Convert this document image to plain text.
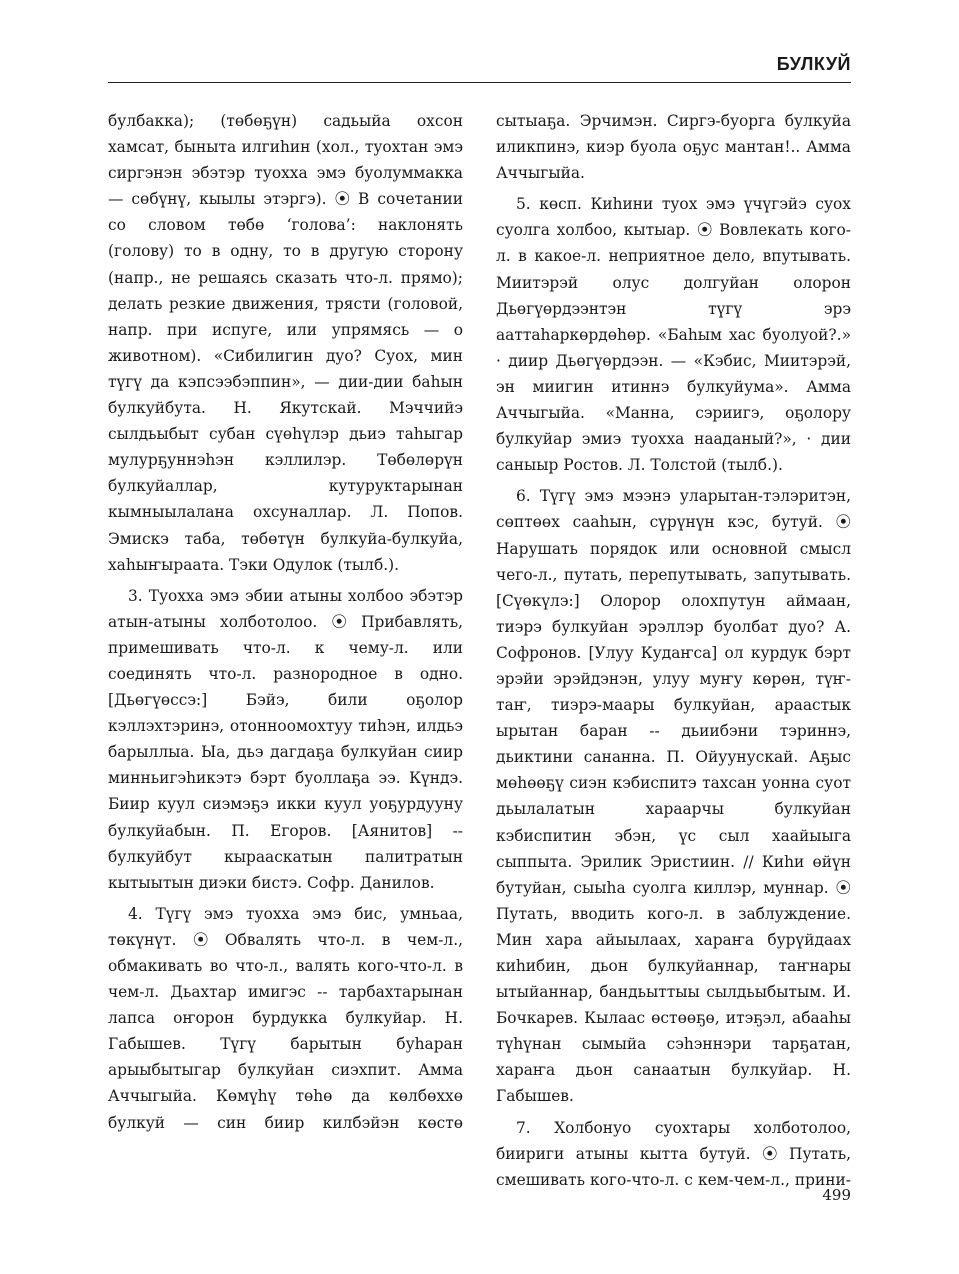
БУЛКУЙ

булбакка); (төбөҕүн) садьыйа охсон хамсат, быныта илгиһин (хол., туохтан эмэ сиргэнэн эбэтэр туохха эмэ буолуммакка — сөбүнү, кыылы этэргэ). ⦿ В сочетании со словом төбө ‘голова’: наклонять (голову) то в одну, то в другую сторону (напр., не решаясь сказать что-л. прямо); делать резкие движения, трясти (головой, напр. при испуге, или упрямясь — о животном). «Сибилигин дуо? Суох, мин түгү да кэпсээбэппин», — дии-дии баһын булкуйбута. Н. Якутскай. Мэччийэ сылдьыбыт субан сүөһүлэр дьиэ таһыгар мулурҕуннэһэн кэллилэр. Төбөлөрүн булкуйаллар, кутуруктарынан кымныылалана охсуналлар. Л. Попов. Эмискэ таба, төбөтүн булкуйа-булкуйа, хаһыҥыраата. Тэки Одулок (тылб.).

3. Туохха эмэ эбии атыны холбоо эбэтэр атын-атыны холботолоо. ⦿ Прибавлять, примешивать что-л. к чему-л. или соединять что-л. разнородное в одно. [Дьөгүөссэ:] Бэйэ, били оҕолор кэллэхтэринэ, отонноомохтуу тиһэн, илдьэ барыллыа. Ыа, дьэ дагдаҕа булкуйан сиир минньигэһикэтэ бэрт буоллаҕа ээ. Күндэ. Биир куул сиэмэҕэ икки куул уоҕурдууну булкуйабын. П. Егоров. [Аянитов] -- булкуйбут кырааскатын палитратын кытыытын диэки бистэ. Софр. Данилов.

4. Түгү эмэ туохха эмэ бис, умньаа, төкүнүт. ⦿ Обвалять что-л. в чем-л., обмакивать во что-л., валять кого-что-л. в чем-л. Дьахтар имигэс -- тарбахтарынан лапса оҥорон бурдукка булкуйар. Н. Габышев. Түгү барытын буһаран арыыбытыгар булкуйан сиэхпит. Амма Аччыгыйа. Көмүһү төһө да көлбөххө булкуй — син биир килбэйэн көстө

сытыаҕа. Эрчимэн. Сиргэ-буорга булкуйа иликпинэ, киэр буола оҕус мантан!.. Амма Аччыгыйа.

5. көсп. Киһини туох эмэ үчүгэйэ суох суолга холбоо, кытыар. ⦿ Вовлекать кого-л. в какое-л. неприятное дело, впутывать. Миитэрэй олус долгуйан олорон Дьөгүөрдээнтэн түгү эрэ ааттаһаркөрдөһөр. «Баһым хас буолуой?.» · диир Дьөгүөрдээн. — «Кэбис, Миитэрэй, эн миигин итиннэ булкуйума». Амма Аччыгыйа. «Манна, сэриигэ, оҕолору булкуйар эмиэ туохха нааданый?», · дии саныыр Ростов. Л. Толстой (тылб.).

6. Түгү эмэ мээнэ уларытан-тэлэритэн, сөптөөх сааһын, сүрүнүн кэс, бутуй. ⦿ Нарушать порядок или основной смысл чего-л., путать, перепутывать, запутывать. [Сүөкүлэ:] Олорор олохпутун аймаан, тиэрэ булкуйан эрэллэр буолбат дуо? А. Софронов. [Улуу Кудаҥса] ол курдук бэрт эрэйи эрэйдэнэн, улуу муҥу көрөн, түҥ-таҥ, тиэрэ-маары булкуйан, араастык ырытан баран -- дьиибэни тэриннэ, дьиктини сананна. П. Ойуунускай. Аҕыс мөһөөҕү сиэн кэбиспитэ тахсан уонна суот дьылалатын хараарчы булкуйан кэбиспитин эбэн, үс сыл хаайыыга сыппыта. Эрилик Эристиин. // Киһи өйүн бутуйан, сыыһа суолга киллэр, муннар. ⦿ Путать, вводить кого-л. в заблуждение. Мин хара айыылаах, хараҥа бурүйдаах киһибин, дьон булкуйаннар, таҥнары ытыйаннар, бандьыттыы сылдьыбытым. И. Бочкарев. Кылаас өстөөҕө, итэҕэл, абааһы түһүнан сымыйа сэһэннэри тарҕатан, хараҥа дьон санаатын булкуйар. Н. Габышев.

7. Холбонуо суохтары холботолоо, биириги атыны кытта бутуй. ⦿ Путать, смешивать кого-что-л. с кем-чем-л., прини-

499
